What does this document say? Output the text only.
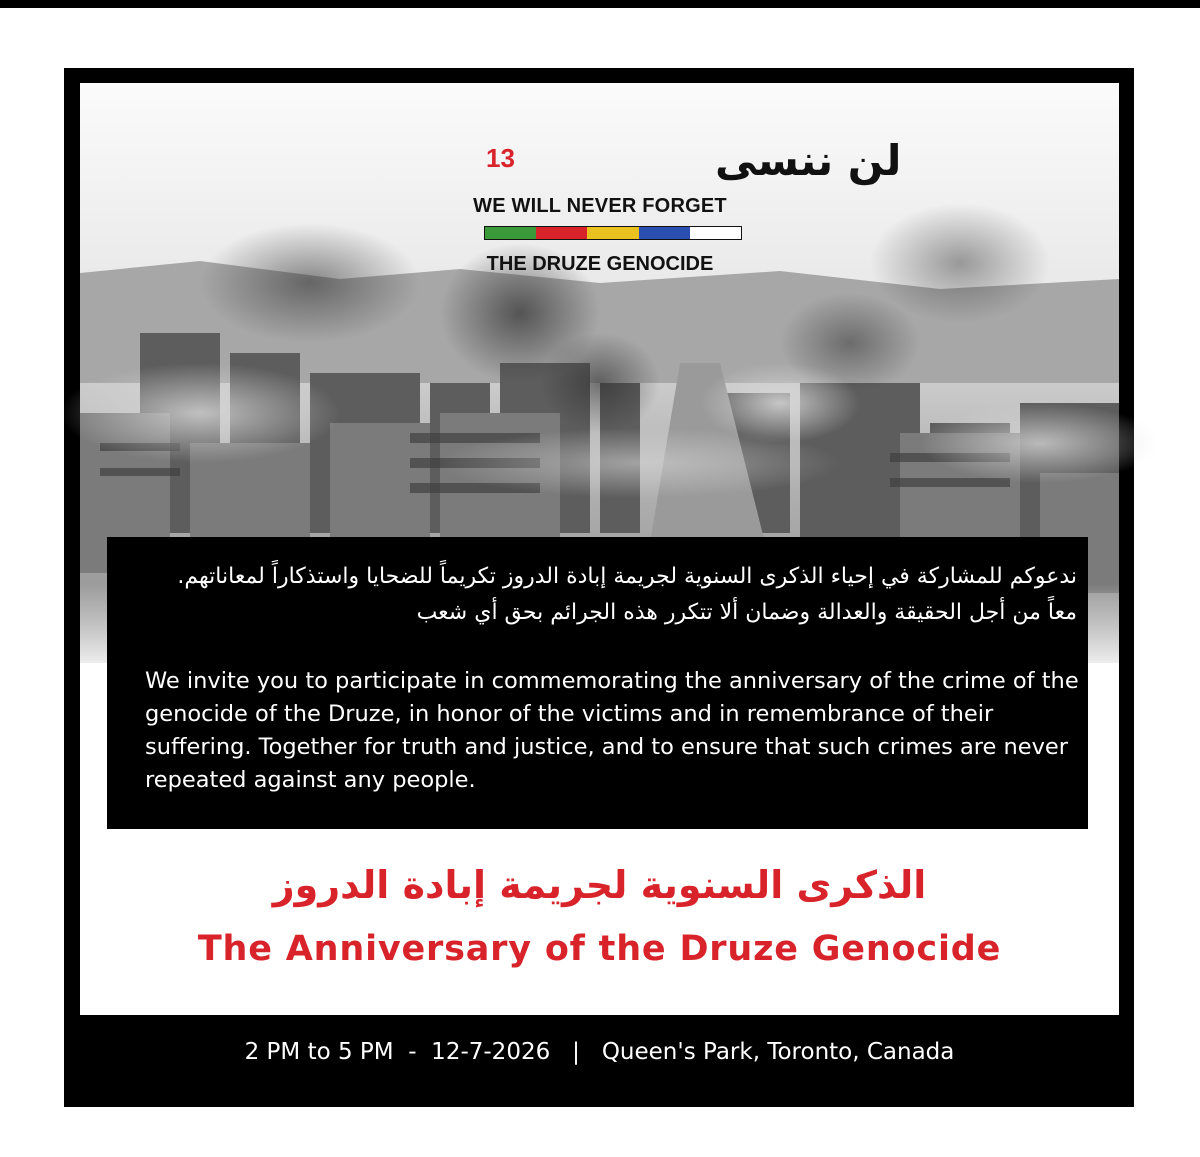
13	لن ننسى
WE WILL NEVER FORGET
THE DRUZE GENOCIDE

ندعوكم للمشاركة في إحياء الذكرى السنوية لجريمة إبادة الدروز تكريماً للضحايا واستذكاراً لمعاناتهم. معاً من أجل الحقيقة والعدالة وضمان ألا تتكرر هذه الجرائم بحق أي شعب

We invite you to participate in commemorating the anniversary of the crime of the genocide of the Druze, in honor of the victims and in remembrance of their suffering. Together for truth and justice, and to ensure that such crimes are never repeated against any people.

الذكرى السنوية لجريمة إبادة الدروز
The Anniversary of the Druze Genocide
2 PM to 5 PM  -  12-7-2026   |   Queen's Park, Toronto, Canada
